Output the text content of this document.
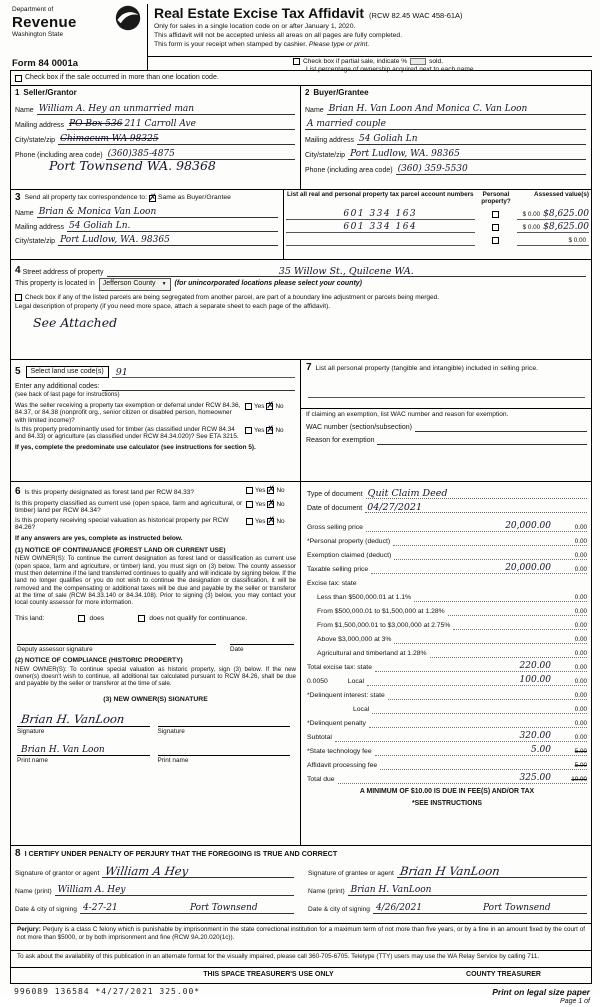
Department of
Revenue
Washington State
Real Estate Excise Tax Affidavit (RCW 82.45 WAC 458-61A)
Only for sales in a single location code on or after January 1, 2020.
This affidavit will not be accepted unless all areas on all pages are fully completed.
This form is your receipt when stamped by cashier. Please type or print.
Form 84 0001a	Check box if partial sale, indicate %	sold.
List percentage of ownership acquired next to each name.
Check box if the sale occurred in more than one location code.
1 Seller/Grantor
Name William A. Hey an unmarried man
Mailing address PO Box 536
211 Carroll Ave
City/state/zip Chimacum WA 98325
Phone (including area code) (360)385-4875
Port Townsend WA. 98368
2 Buyer/Grantee
Name Brian H. Van Loon And Monica C. Van Loon
A married couple
Mailing address 54 Goliah Ln
City/state/zip Port Ludlow, WA. 98365
Phone (including area code) (360) 359-5530
3 Send all property tax correspondence to: ✗ Same as Buyer/Grantee
Name Brian & Monica Van Loon
Mailing address 54 Goliah Ln.
City/state/zip Port Ludlow, WA. 98365
List all real and personal property tax parcel account numbers	Personal property?
Assessed value(s)
601 334 163	$ 0.00 $8,625.00
601 334 164	$ 0.00 $8,625.00
$ 0.00
4 Street address of property	35 Willow St., Quilcene WA.
This property is located in Jefferson County ▼ (for unincorporated locations please select your county)
Check box if any of the listed parcels are being segregated from another parcel, are part of a boundary line adjustment or parcels being merged.
Legal description of property (if you need more space, attach a separate sheet to each page of the affidavit).
See Attached
5	Select land use code(s)	91
Enter any additional codes:
(see back of last page for instructions)
Was the seller receiving a property tax exemption or deferral under RCW 84.36, 84.37, or 84.38 (nonprofit org., senior citizen or disabled person, homeowner with limited income)?
Yes ✗ No
Is this property predominantly used for timber (as classified under RCW 84.34 and 84.33) or agriculture (as classified under RCW 84.34.020)? See ETA 3215.
Yes ✗ No
If yes, complete the predominate use calculator (see instructions for section 5).
7 List all personal property (tangible and intangible) included in selling price.
If claiming an exemption, list WAC number and reason for exemption.
WAC number (section/subsection)
Reason for exemption
6 Is this property designated as forest land per RCW 84.33?	Yes ✗ No
Is this property classified as current use (open space, farm and agricultural, or timber) land per RCW 84.34?
Yes ✗ No
Is this property receiving special valuation as historical property per RCW 84.26?
Yes ✗ No
If any answers are yes, complete as instructed below.
(1) NOTICE OF CONTINUANCE (FOREST LAND OR CURRENT USE)
NEW OWNER(S): To continue the current designation as forest land or classification as current use (open space, farm and agriculture, or timber) land, you must sign on (3) below. The county assessor must then determine if the land transferred continues to qualify and will indicate by signing below. If the land no longer qualifies or you do not wish to continue the designation or classification, it will be removed and the compensating or additional taxes will be due and payable by the seller or transferor at the time of sale (RCW 84.33.140 or 84.34.108). Prior to signing (3) below, you may contact your local county assessor for more information.
This land:	does	does not qualify for continuance.
Deputy assessor signature	Date
(2) NOTICE OF COMPLIANCE (HISTORIC PROPERTY)
NEW OWNER(S): To continue special valuation as historic property, sign (3) below. If the new owner(s) doesn't wish to continue, all additional tax calculated pursuant to RCW 84.26, shall be due and payable by the seller or transferor at the time of sale.
(3) NEW OWNER(S) SIGNATURE
Brian H. VanLoon
Signature	Signature
Brian H. Van Loon
Print name	Print name
Type of document Quit Claim Deed
Date of document 04/27/2021
Gross selling price	20,000.00	0.00
*Personal property (deduct)	0.00
Exemption claimed (deduct)	0.00
Taxable selling price	20,000.00	0.00
Excise tax: state
Less than $500,000.01 at 1.1%	0.00
From $500,000.01 to $1,500,000 at 1.28%	0.00
From $1,500,000.01 to $3,000,000 at 2.75%	0.00
Above $3,000,000 at 3%	0.00
Agricultural and timberland at 1.28%	0.00
Total excise tax: state	220.00	0.00
0.0050	Local	100.00	0.00
*Delinquent interest: state	0.00
Local	0.00
*Delinquent penalty	0.00
Subtotal	320.00	0.00
*State technology fee	5.00	5.00
Affidavit processing fee	5.00
Total due	325.00	10.00
A MINIMUM OF $10.00 IS DUE IN FEE(S) AND/OR TAX
*SEE INSTRUCTIONS
8 I CERTIFY UNDER PENALTY OF PERJURY THAT THE FOREGOING IS TRUE AND CORRECT
Signature of grantor or agent William A Hey
Name (print) William A. Hey
Date & city of signing 4-27-21	Port Townsend
Signature of grantee or agent Brian H VanLoon
Name (print) Brian H. VanLoon
Date & city of signing 4/26/2021	Port Townsend
Perjury: Perjury is a class C felony which is punishable by imprisonment in the state correctional institution for a maximum term of not more than five years, or by a fine in an amount fixed by the court of not more than $5000, or by both imprisonment and fine (RCW 9A.20.020(1c)).
To ask about the availability of this publication in an alternate format for the visually impaired, please call 360-705-6705. Teletype (TTY) users may use the WA Relay Service by calling 711.
THIS SPACE TREASURER'S USE ONLY	COUNTY TREASURER
996089 136584 *4/27/2021 325.00*	Print on legal size paper
Page 1 of
